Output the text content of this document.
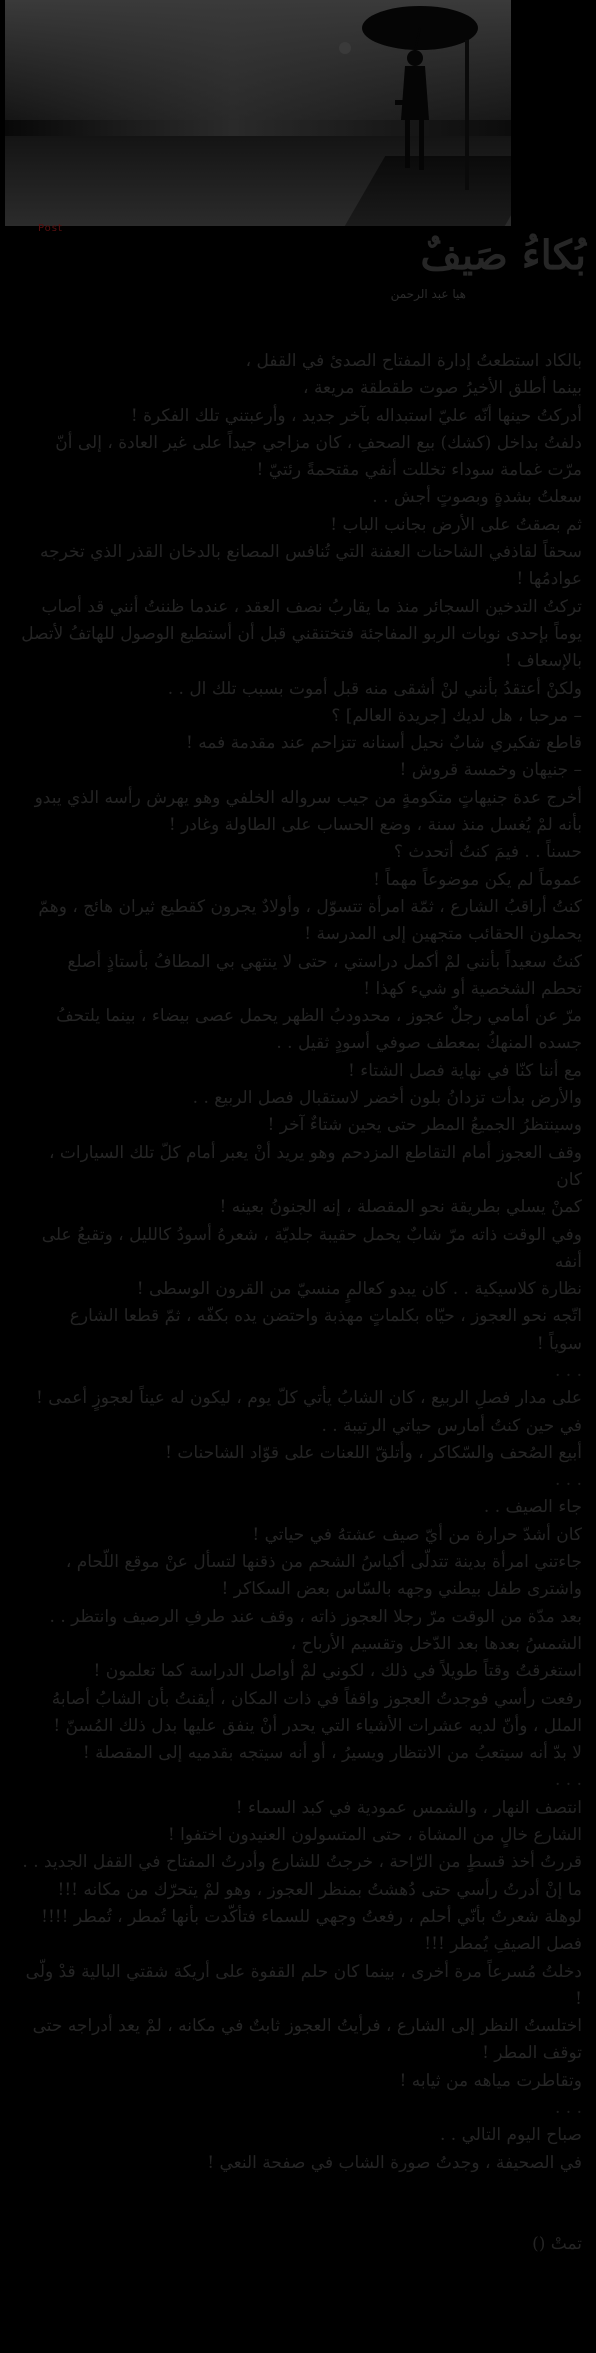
Post
بُكاءُ صَيفٌ
هيا عبد الرحمن

بالكاد استطعتُ إدارة المفتاح الصدئ في القفل ،

بينما أطلق الأخيرُ صوت طقطقة مريعة ،

أدركتُ حينها أنّه عليّ استبداله بآخر جديد ، وأرعبتني تلك الفكرة !

دلفتُ بداخل (كشك) بيع الصحفِ ، كان مزاجي جيداً على غير العادة ، إلى أنّ

مرّت غمامة سوداء تخللت أنفي مقتحمةً رئتيّ !

سعلتُ بشدةٍ وبصوتٍ أجش . .

ثم بصقتُ على الأرض بجانب الباب !

سحقاً لقاذفي الشاحنات العفنة التي تُنافس المصانع بالدخان القذر الذي تخرجه

عوادمُها !

تركتُ التدخين السجائر منذ ما يقاربُ نصف العقد ، عندما ظننتُ أنني قد أصاب

يوماً بإحدى نوبات الربو المفاجئة فتختنقني قبل أن أستطيع الوصول للهاتفُ لأتصل

بالإسعاف !

ولكنْ أعتقدُ بأنني لنْ أشقى منه قبل أموت بسبب تلك ال . .

– مرحبا ، هل لديك [جريدة العالم] ؟

قاطع تفكيري شابٌ نحيل أسنانه تتزاحم عند مقدمة فمه !

– جنيهان وخمسة قروش !

أخرج عدة جنيهاتٍ متكومةٍ من جيب سرواله الخلفي وهو يهرش رأسه الذي يبدو

بأنه لمْ يُغسل منذ سنة ، وضع الحساب على الطاولة وغادر !

حسناً . . فيمَ كنتُ أتحدث ؟

عموماً لم يكن موضوعاً مهماً !

كنتُ أراقبُ الشارع ، ثمّة امرأة تتسوّل ، وأولادٌ يجرون كقطيع ثيران هائج ، وهمّ

يحملون الحقائب متجهين إلى المدرسة !

كنتُ سعيداً بأنني لمْ أكمل دراستي ، حتى لا ينتهي بي المطافُ بأستاذٍ أصلع

تحطم الشخصية أو شيء كهذا !

مرّ عن أمامي رجلٌ عجوز ، محدودبُ الظهر يحمل عصى بيضاء ، بينما يلتحفُ

جسده المنهكُ بمعطف صوفي أسودٍ ثقيل . .

مع أننا كنّا في نهاية فصل الشتاء !

والأرض بدأت تزدانُ بلون أخضر لاستقبال فصل الربيع . .

وسينتظرُ الجميعُ المطر حتى يحين شتاءٌ آخر !

وقف العجوز أمام التقاطع المزدحم وهو يريد أنْ يعبر أمام كلّ تلك السيارات ، كان

كمنْ يسلي بطريقة نحو المقصلة ، إنه الجنونُ بعينه !

وفي الوقت ذاته مرّ شابٌ يحمل حقيبة جلديّة ، شعرهُ أسودُ كالليل ، وتقبعُ على أنفه

نظارة كلاسيكية . . كان يبدو كعالمٍ منسيّ من القرون الوسطى !

اتّجه نحو العجوز ، حيّاه بكلماتٍ مهذبة واحتضن يده بكفّه ، ثمّ قطعا الشارع

سوياً !

. . .

على مدار فصلِ الربيع ، كان الشابُ يأتي كلّ يوم ، ليكون له عيناً لعجوزٍ أعمى !

في حين كنتُ أمارس حياتي الرتيبة . .

أبيع الصُحف والسّكاكر ، وأتلقّ اللعنات على قوّاد الشاحنات !

. . .

جاء الصيف . .

كان أشدّ حرارة من أيّ صيف عشتهُ في حياتي !

جاءتني امرأة بدينة تتدلّى أكياسُ الشحم من ذقنها لتسأل عنْ موقع اللّحام ،

واشترى طفل بيطني وجهه بالسّاس بعض السكاكر !

بعد مدّة من الوقت مرّ رجلا العجوز ذاته ، وقف عند طرفِ الرصيف وانتظر . .

الشمسُ بعدها بعد الدّخل وتقسيم الأرباح ،

استغرقتُ وقتاً طويلاً في ذلك ، لكوني لمْ أواصل الدراسة كما تعلمون !

رفعت رأسي فوجدتُ العجوز واقفاً في ذات المكان ، أيقنتُ بأن الشابُ أصابهُ

الملل ، وأنّ لديه عشرات الأشياء التي يحدر أنْ ينفق عليها بدل ذلك المُسنّ !

لا بدّ أنه سيتعبُ من الانتظار ويسيرُ ، أو أنه سيتجه بقدميه إلى المقصلة !

. . .

انتصف النهار ، والشمس عمودية في كبد السماء !

الشارع خالٍ من المشاة ، حتى المتسولون العنيدون اختفوا !

قررتُ أخذ قسطٍ من الرّاحة ، خرجتُ للشارع وأدرتُ المفتاح في القفل الجديد . .

ما إنْ أدرتُ رأسي حتى دُهشتُ بمنظر العجوز ، وهو لمْ يتحرّك من مكانه !!!

لوهلة شعرتُ بأنّي أحلم ، رفعتُ وجهي للسماء فتأكّدت بأنها تُمطر ، تُمطر !!!!

فصل الصيفِ يُمطر !!!

دخلتُ مُسرعاً مرة أخرى ، بينما كان حلم القفوة على أريكة شقتي البالية قدْ ولّى !

اختلستُ النظر إلى الشارع ، فرأيتُ العجوز ثابتٌ في مكانه ، لمْ يعد أدراجه حتى

توقف المطر !

وتقاطرت مياهه من ثيابه !

. . .

صباح اليوم التالي . .

في الصحيفة ، وجدتُ صورة الشاب في صفحة النعي !

تمتْ ()
